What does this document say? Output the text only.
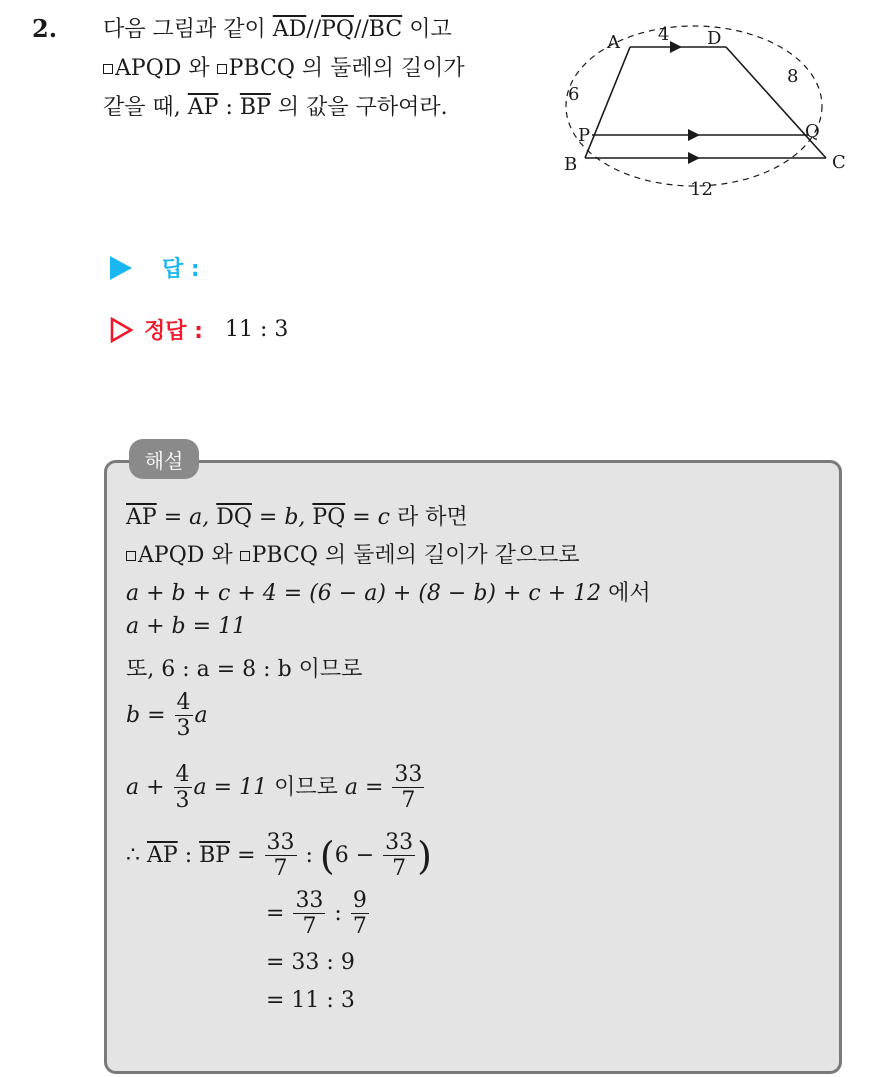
2. 다음 그림과 같이 $\overline{AD}//\overline{PQ}//\overline{BC}$ 이고
APQD 와 PBCQ 의 둘레의 길이가
같을 때, $\overline{AP}$ : $\overline{BP}$ 의 값을 구하여라.
A	D
P	Q
B	C
4
8
6
12
답 :
정답 : 11 : 3
해설
$\overline{AP} = a$, $\overline{DQ} = b$, $\overline{PQ} = c$ 라 하면
APQD 와 PBCQ 의 둘레의 길이가 같으므로
a + b + c + 4 = (6 − a) + (8 − b) + c + 12 에서
a + b = 11
또, 6 : a = 8 : b 이므로
$b = \frac{4}{3}$ a
$a + \frac{4}{3}$ a = 11 이므로 $a = \frac{33}{7}$
∴ $\overline{AP}$ : $\overline{BP} = \frac{33}{7}$ : ($6 - \frac{33}{7}$ )
= $\frac{33}{7}$ : $\frac{9}{7}$
= 33 : 9
= 11 : 3
